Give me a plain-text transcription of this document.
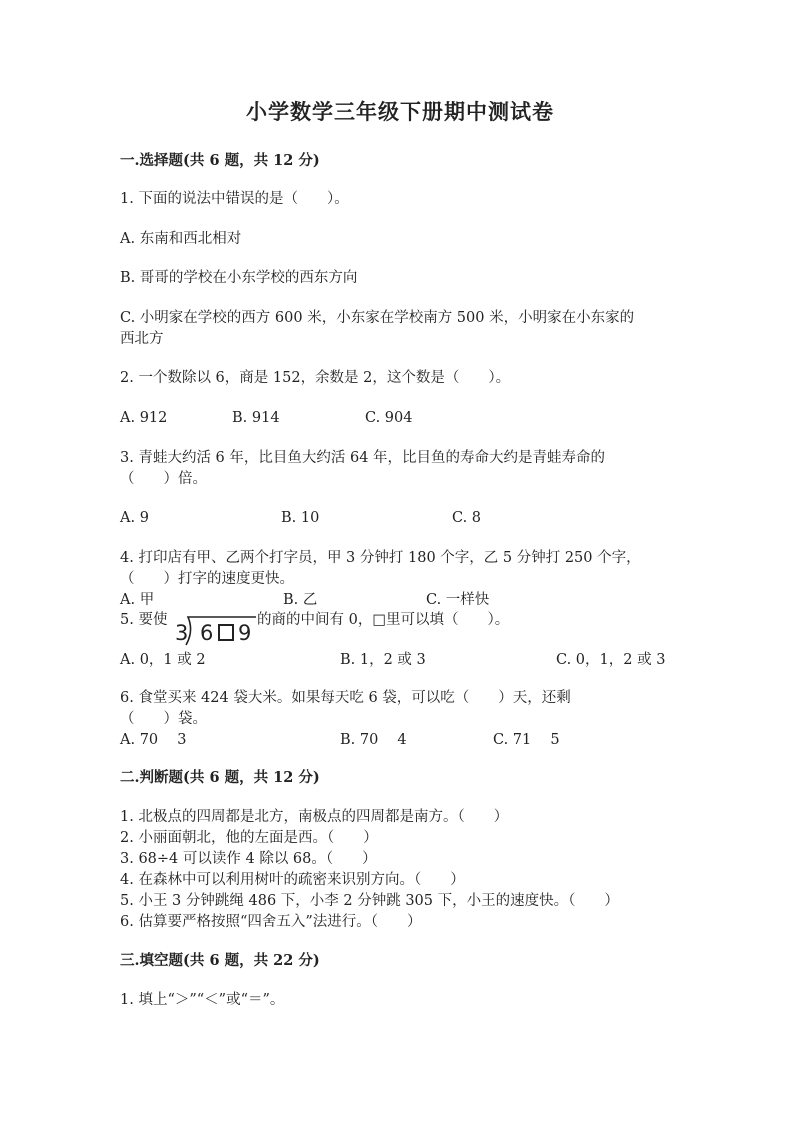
小学数学三年级下册期中测试卷
一.选择题(共 6 题，共 12 分)
1. 下面的说法中错误的是（　　）。
A. 东南和西北相对
B. 哥哥的学校在小东学校的西东方向
C. 小明家在学校的西方 600 米，小东家在学校南方 500 米，小明家在小东家的
西北方
2. 一个数除以 6，商是 152，余数是 2，这个数是（　　）。
A. 912	B. 914	C. 904
3. 青蛙大约活 6 年，比目鱼大约活 64 年，比目鱼的寿命大约是青蛙寿命的
（　　）倍。
A. 9	B. 10	C. 8
4. 打印店有甲、乙两个打字员，甲 3 分钟打 180 个字，乙 5 分钟打 250 个字，
（　　）打字的速度更快。
A. 甲	B. 乙	C. 一样快
5. 要使
3 6 9
的商的中间有 0，□里可以填（　　）。
A. 0，1 或 2	B. 1，2 或 3	C. 0，1，2 或 3
6. 食堂买来 424 袋大米。如果每天吃 6 袋，可以吃（　　）天，还剩
（　　）袋。
A. 70　 3	B. 70　 4	C. 71　 5
二.判断题(共 6 题，共 12 分)
1. 北极点的四周都是北方，南极点的四周都是南方。（　　）
2. 小丽面朝北，他的左面是西。（　　）
3. 68÷4 可以读作 4 除以 68。（　　）
4. 在森林中可以利用树叶的疏密来识别方向。（　　）
5. 小王 3 分钟跳绳 486 下，小李 2 分钟跳 305 下，小王的速度快。（　　）
6. 估算要严格按照“四舍五入”法进行。（　　）
三.填空题(共 6 题，共 22 分)
1. 填上“＞”“＜”或“＝”。
